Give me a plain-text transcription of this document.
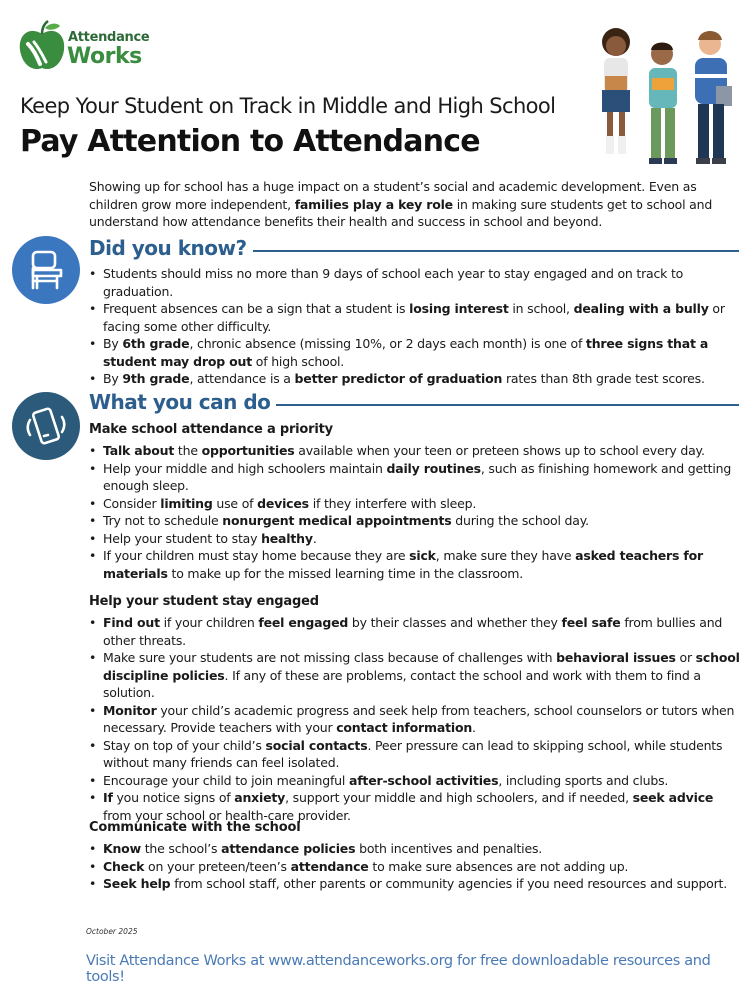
Attendance
Works
Keep Your Student on Track in Middle and High School
Pay Attention to Attendance
Showing up for school has a huge impact on a student’s social and academic development. Even as children grow more independent, families play a key role in making sure students get to school and understand how attendance benefits their health and success in school and beyond.
Did you know?
• Students should miss no more than 9 days of school each year to stay engaged and on track to graduation.
• Frequent absences can be a sign that a student is losing interest in school, dealing with a bully or facing some other difficulty.
• By 6th grade, chronic absence (missing 10%, or 2 days each month) is one of three signs that a student may drop out of high school.
• By 9th grade, attendance is a better predictor of graduation rates than 8th grade test scores.
What you can do
Make school attendance a priority
• Talk about the opportunities available when your teen or preteen shows up to school every day.
• Help your middle and high schoolers maintain daily routines, such as finishing homework and getting enough sleep.
• Consider limiting use of devices if they interfere with sleep.
• Try not to schedule nonurgent medical appointments during the school day.
• Help your student to stay healthy.
• If your children must stay home because they are sick, make sure they have asked teachers for materials to make up for the missed learning time in the classroom.
Help your student stay engaged
• Find out if your children feel engaged by their classes and whether they feel safe from bullies and other threats.
• Make sure your students are not missing class because of challenges with behavioral issues or school discipline policies. If any of these are problems, contact the school and work with them to find a solution.
• Monitor your child’s academic progress and seek help from teachers, school counselors or tutors when necessary. Provide teachers with your contact information.
• Stay on top of your child’s social contacts. Peer pressure can lead to skipping school, while students without many friends can feel isolated.
• Encourage your child to join meaningful after-school activities, including sports and clubs.
• If you notice signs of anxiety, support your middle and high schoolers, and if needed, seek advice from your school or health-care provider.
Communicate with the school
• Know the school’s attendance policies both incentives and penalties.
• Check on your preteen/teen’s attendance to make sure absences are not adding up.
• Seek help from school staff, other parents or community agencies if you need resources and support.
October 2025
Visit Attendance Works at www.attendanceworks.org for free downloadable resources and tools!
